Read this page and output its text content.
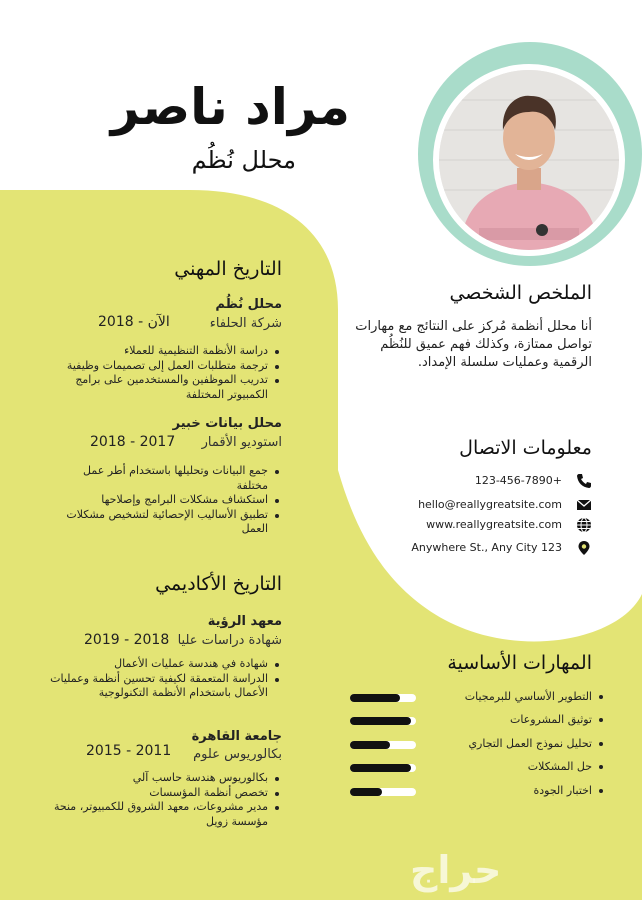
مراد ناصر
محلل نُظُم
التاريخ المهني
محلل نُظُم
شركة الحلفاء
الآن - 2018
دراسة الأنظمة التنظيمية للعملاء
ترجمة متطلبات العمل إلى تصميمات وظيفية
تدريب الموظفين والمستخدمين على برامج الكمبيوتر المختلفة
محلل بيانات خبير
استوديو الأقمار
2017 - 2018
جمع البيانات وتحليلها باستخدام أطر عمل مختلفة
استكشاف مشكلات البرامج وإصلاحها
تطبيق الأساليب الإحصائية لتشخيص مشكلات العمل
التاريخ الأكاديمي
معهد الرؤية
شهادة دراسات عليا
2018 - 2019
شهادة في هندسة عمليات الأعمال
الدراسة المتعمقة لكيفية تحسين أنظمة وعمليات الأعمال باستخدام الأنظمة التكنولوجية
جامعة القاهرة
بكالوريوس علوم
2011 - 2015
بكالوريوس هندسة حاسب آلي
تخصص أنظمة المؤسسات
مدير مشروعات، معهد الشروق للكمبيوتر، منحة مؤسسة زويل
الملخص الشخصي
أنا محلل أنظمة مُركز على النتائج مع مهارات تواصل ممتازة، وكذلك فهم عميق للنُظُم الرقمية وعمليات سلسلة الإمداد.
معلومات الاتصال
+123-456-7890
hello@reallygreatsite.com
www.reallygreatsite.com
123 Anywhere St., Any City
المهارات الأساسية
التطوير الأساسي للبرمجيات
توثيق المشروعات
تحليل نموذج العمل التجاري
حل المشكلات
اختبار الجودة
حراج
